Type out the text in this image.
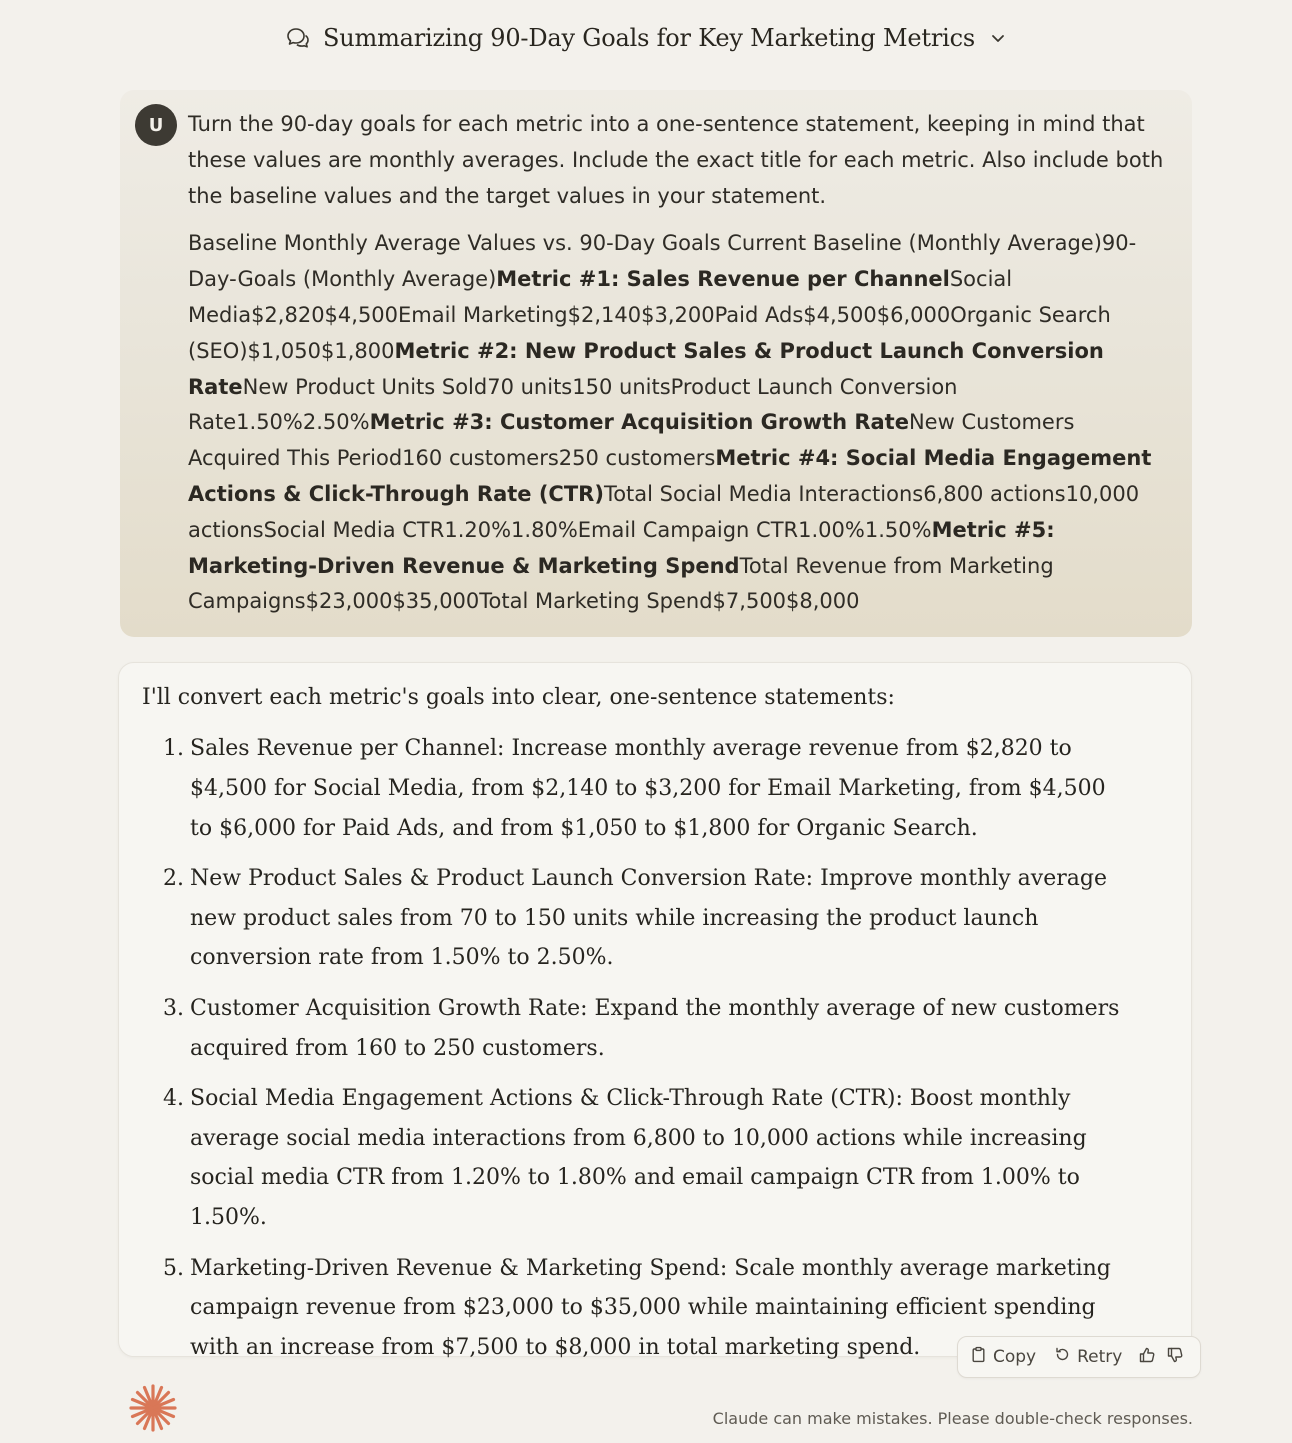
Summarizing 90-Day Goals for Key Marketing Metrics
U	Turn the 90-day goals for each metric into a one-sentence statement, keeping in mind that these values are monthly averages. Include the exact title for each metric. Also include both the baseline values and the target values in your statement.

Baseline Monthly Average Values vs. 90-Day Goals Current Baseline (Monthly Average)90-Day-Goals (Monthly Average)Metric #1: Sales Revenue per ChannelSocial Media$2,820$4,500Email Marketing$2,140$3,200Paid Ads$4,500$6,000Organic Search (SEO)$1,050$1,800Metric #2: New Product Sales & Product Launch Conversion RateNew Product Units Sold70 units150 unitsProduct Launch Conversion Rate1.50%2.50%Metric #3: Customer Acquisition Growth RateNew Customers Acquired This Period160 customers250 customersMetric #4: Social Media Engagement Actions & Click-Through Rate (CTR)Total Social Media Interactions6,800 actions10,000 actionsSocial Media CTR1.20%1.80%Email Campaign CTR1.00%1.50%Metric #5: Marketing-Driven Revenue & Marketing SpendTotal Revenue from Marketing Campaigns$23,000$35,000Total Marketing Spend$7,500$8,000

I'll convert each metric's goals into clear, one-sentence statements:

1. Sales Revenue per Channel: Increase monthly average revenue from $2,820 to $4,500 for Social Media, from $2,140 to $3,200 for Email Marketing, from $4,500 to $6,000 for Paid Ads, and from $1,050 to $1,800 for Organic Search.
2. New Product Sales & Product Launch Conversion Rate: Improve monthly average new product sales from 70 to 150 units while increasing the product launch conversion rate from 1.50% to 2.50%.
3. Customer Acquisition Growth Rate: Expand the monthly average of new customers acquired from 160 to 250 customers.
4. Social Media Engagement Actions & Click-Through Rate (CTR): Boost monthly average social media interactions from 6,800 to 10,000 actions while increasing social media CTR from 1.20% to 1.80% and email campaign CTR from 1.00% to 1.50%.
5. Marketing-Driven Revenue & Marketing Spend: Scale monthly average marketing campaign revenue from $23,000 to $35,000 while maintaining efficient spending with an increase from $7,500 to $8,000 in total marketing spend.	Copy Retry
Claude can make mistakes. Please double-check responses.
